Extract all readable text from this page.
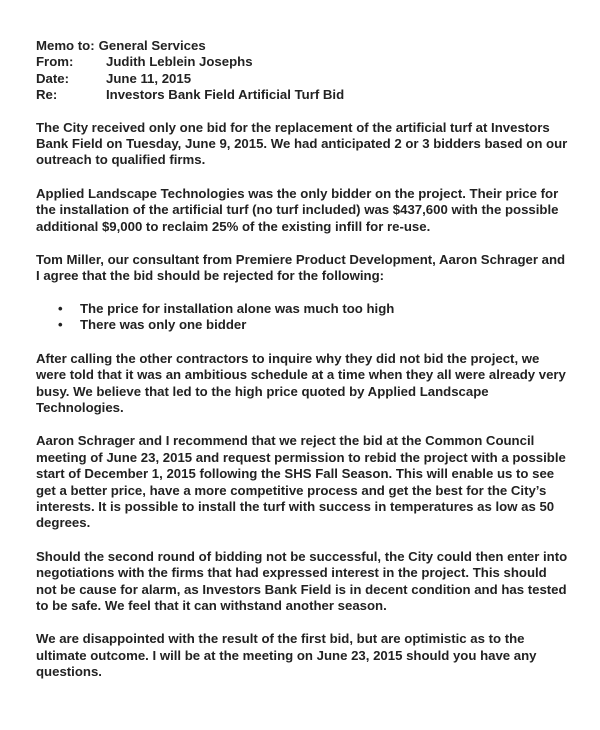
Memo to: General Services
From:	Judith Leblein Josephs
Date:	June 11, 2015
Re:	Investors Bank Field Artificial Turf Bid

The City received only one bid for the replacement of the artificial turf at Investors Bank Field on Tuesday, June 9, 2015. We had anticipated 2 or 3 bidders based on our outreach to qualified firms.

Applied Landscape Technologies was the only bidder on the project. Their price for the installation of the artificial turf (no turf included) was $437,600 with the possible additional $9,000 to reclaim 25% of the existing infill for re-use.

Tom Miller, our consultant from Premiere Product Development, Aaron Schrager and I agree that the bid should be rejected for the following:

• The price for installation alone was much too high
• There was only one bidder

After calling the other contractors to inquire why they did not bid the project, we were told that it was an ambitious schedule at a time when they all were already very busy. We believe that led to the high price quoted by Applied Landscape Technologies.

Aaron Schrager and I recommend that we reject the bid at the Common Council meeting of June 23, 2015 and request permission to rebid the project with a possible start of December 1, 2015 following the SHS Fall Season. This will enable us to see get a better price, have a more competitive process and get the best for the City’s interests. It is possible to install the turf with success in temperatures as low as 50 degrees.

Should the second round of bidding not be successful, the City could then enter into negotiations with the firms that had expressed interest in the project. This should not be cause for alarm, as Investors Bank Field is in decent condition and has tested to be safe. We feel that it can withstand another season.

We are disappointed with the result of the first bid, but are optimistic as to the ultimate outcome. I will be at the meeting on June 23, 2015 should you have any questions.
